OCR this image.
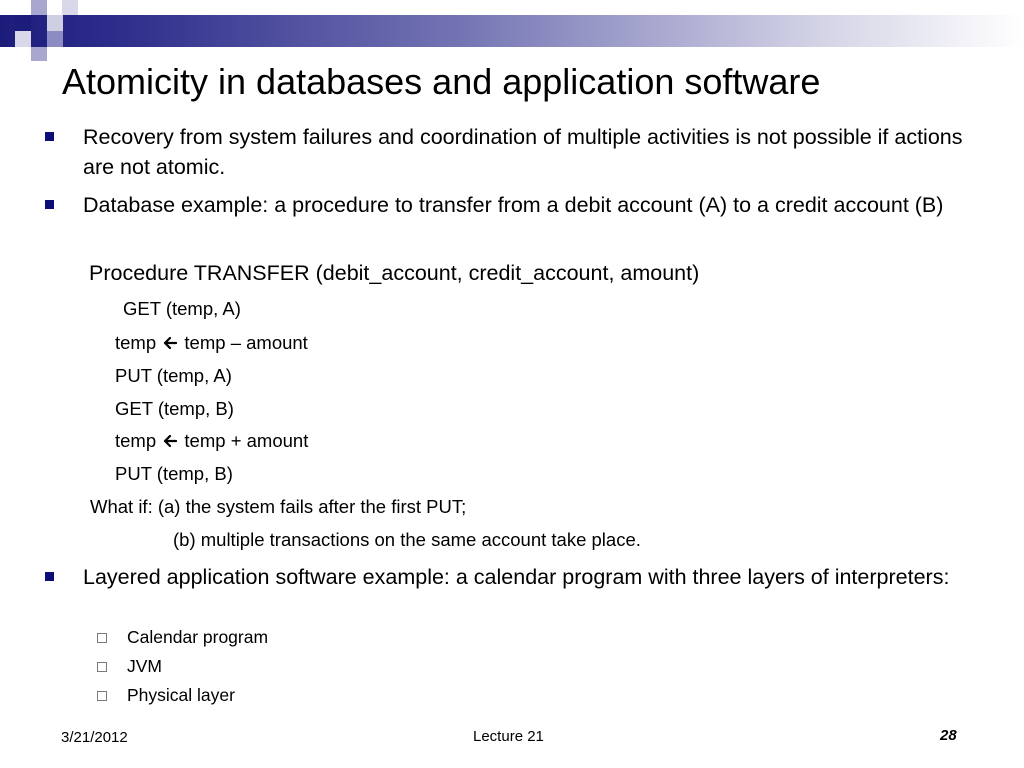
Atomicity in databases and application software
Recovery from system failures and coordination of multiple activities is not possible if actions are not atomic.
Database example: a procedure to transfer from a debit account (A) to a credit account (B)
Procedure TRANSFER (debit_account, credit_account, amount)
GET (temp, A)
temp temp – amount
PUT (temp, A)
GET (temp, B)
temp temp + amount
PUT (temp, B)
What if: (a) the system fails after the first PUT;
(b) multiple transactions on the same account take place.
Layered application software example: a calendar program with three layers of interpreters:
Calendar program
JVM
Physical layer
3/21/2012	Lecture 21	28
